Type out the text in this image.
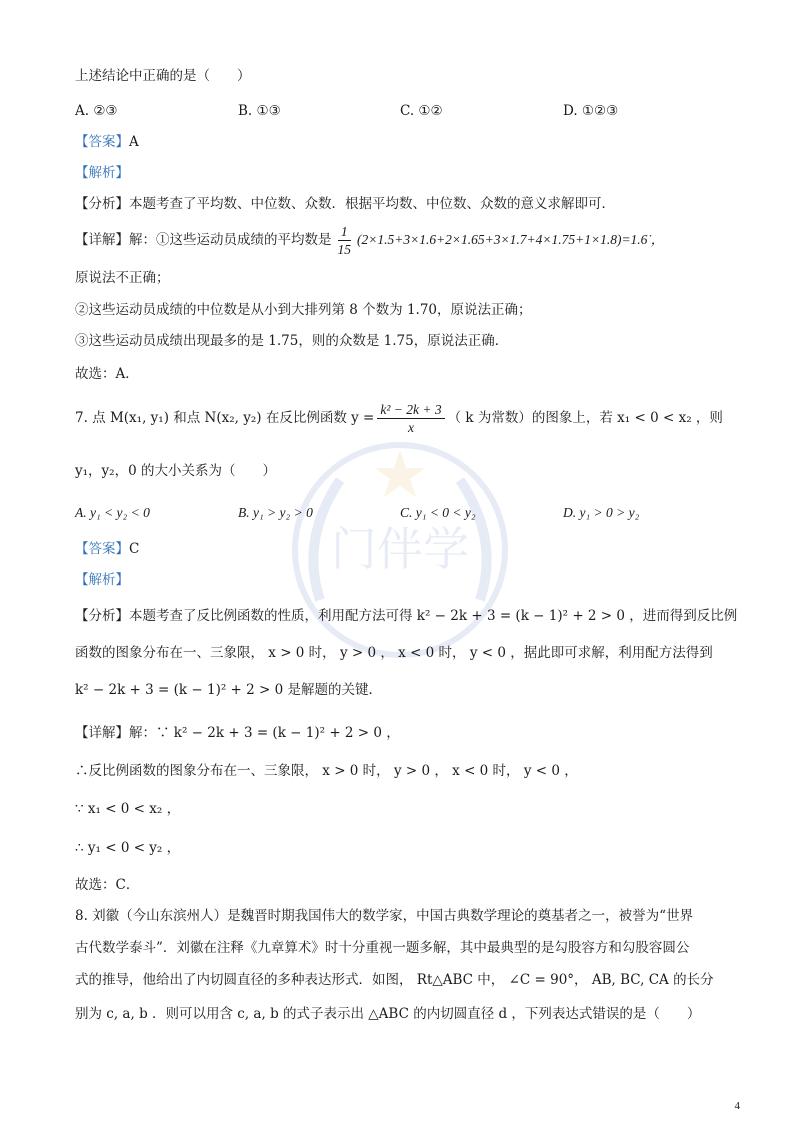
门伴学
上述结论中正确的是（　　）
A. ②③	B. ①③	C. ①②	D. ①②③
【答案】A
【解析】
【分析】本题考查了平均数、中位数、众数．根据平均数、中位数、众数的意义求解即可．
【详解】解：①这些运动员成绩的平均数是 $\frac{1}{15}$ (2×1.5+3×1.6+2×1.65+3×1.7+4×1.75+1×1.8)=1.6̇ ，
原说法不正确；
②这些运动员成绩的中位数是从小到大排列第 8 个数为 1.70，原说法正确；
③这些运动员成绩出现最多的是 1.75，则的众数是 1.75，原说法正确．
故选：A．
7. 点 M(x₁, y₁) 和点 N(x₂, y₂) 在反比例函数 $y = \frac{\text{k² − 2k + 3}}{x}$ （ k 为常数）的图象上，若 x₁ < 0 < x₂ ，则
y₁，y₂，0 的大小关系为（　　）
A. y₁ < y₂ < 0	B. y₁ > y₂ > 0	C. y₁ < 0 < y₂	D. y₁ > 0 > y₂
【答案】C
【解析】
【分析】本题考查了反比例函数的性质，利用配方法可得 k² − 2k + 3 = (k − 1)² + 2 > 0 ，进而得到反比例
函数的图象分布在一、三象限， x > 0 时， y > 0 ， x < 0 时， y < 0 ，据此即可求解，利用配方法得到
k² − 2k + 3 = (k − 1)² + 2 > 0 是解题的关键．
【详解】解：∵ k² − 2k + 3 = (k − 1)² + 2 > 0 ，
∴反比例函数的图象分布在一、三象限， x > 0 时， y > 0 ， x < 0 时， y < 0 ，
∵ x₁ < 0 < x₂ ，
∴ y₁ < 0 < y₂ ，
故选：C．
8. 刘徽（今山东滨州人）是魏晋时期我国伟大的数学家，中国古典数学理论的奠基者之一，被誉为“世界
古代数学泰斗”．刘徽在注释《九章算术》时十分重视一题多解，其中最典型的是勾股容方和勾股容圆公
式的推导，他给出了内切圆直径的多种表达形式．如图， Rt△ABC 中， ∠C = 90°， AB, BC, CA 的长分
别为 c, a, b ．则可以用含 c, a, b 的式子表示出 △ABC 的内切圆直径 d ，下列表达式错误的是（　　）
4
